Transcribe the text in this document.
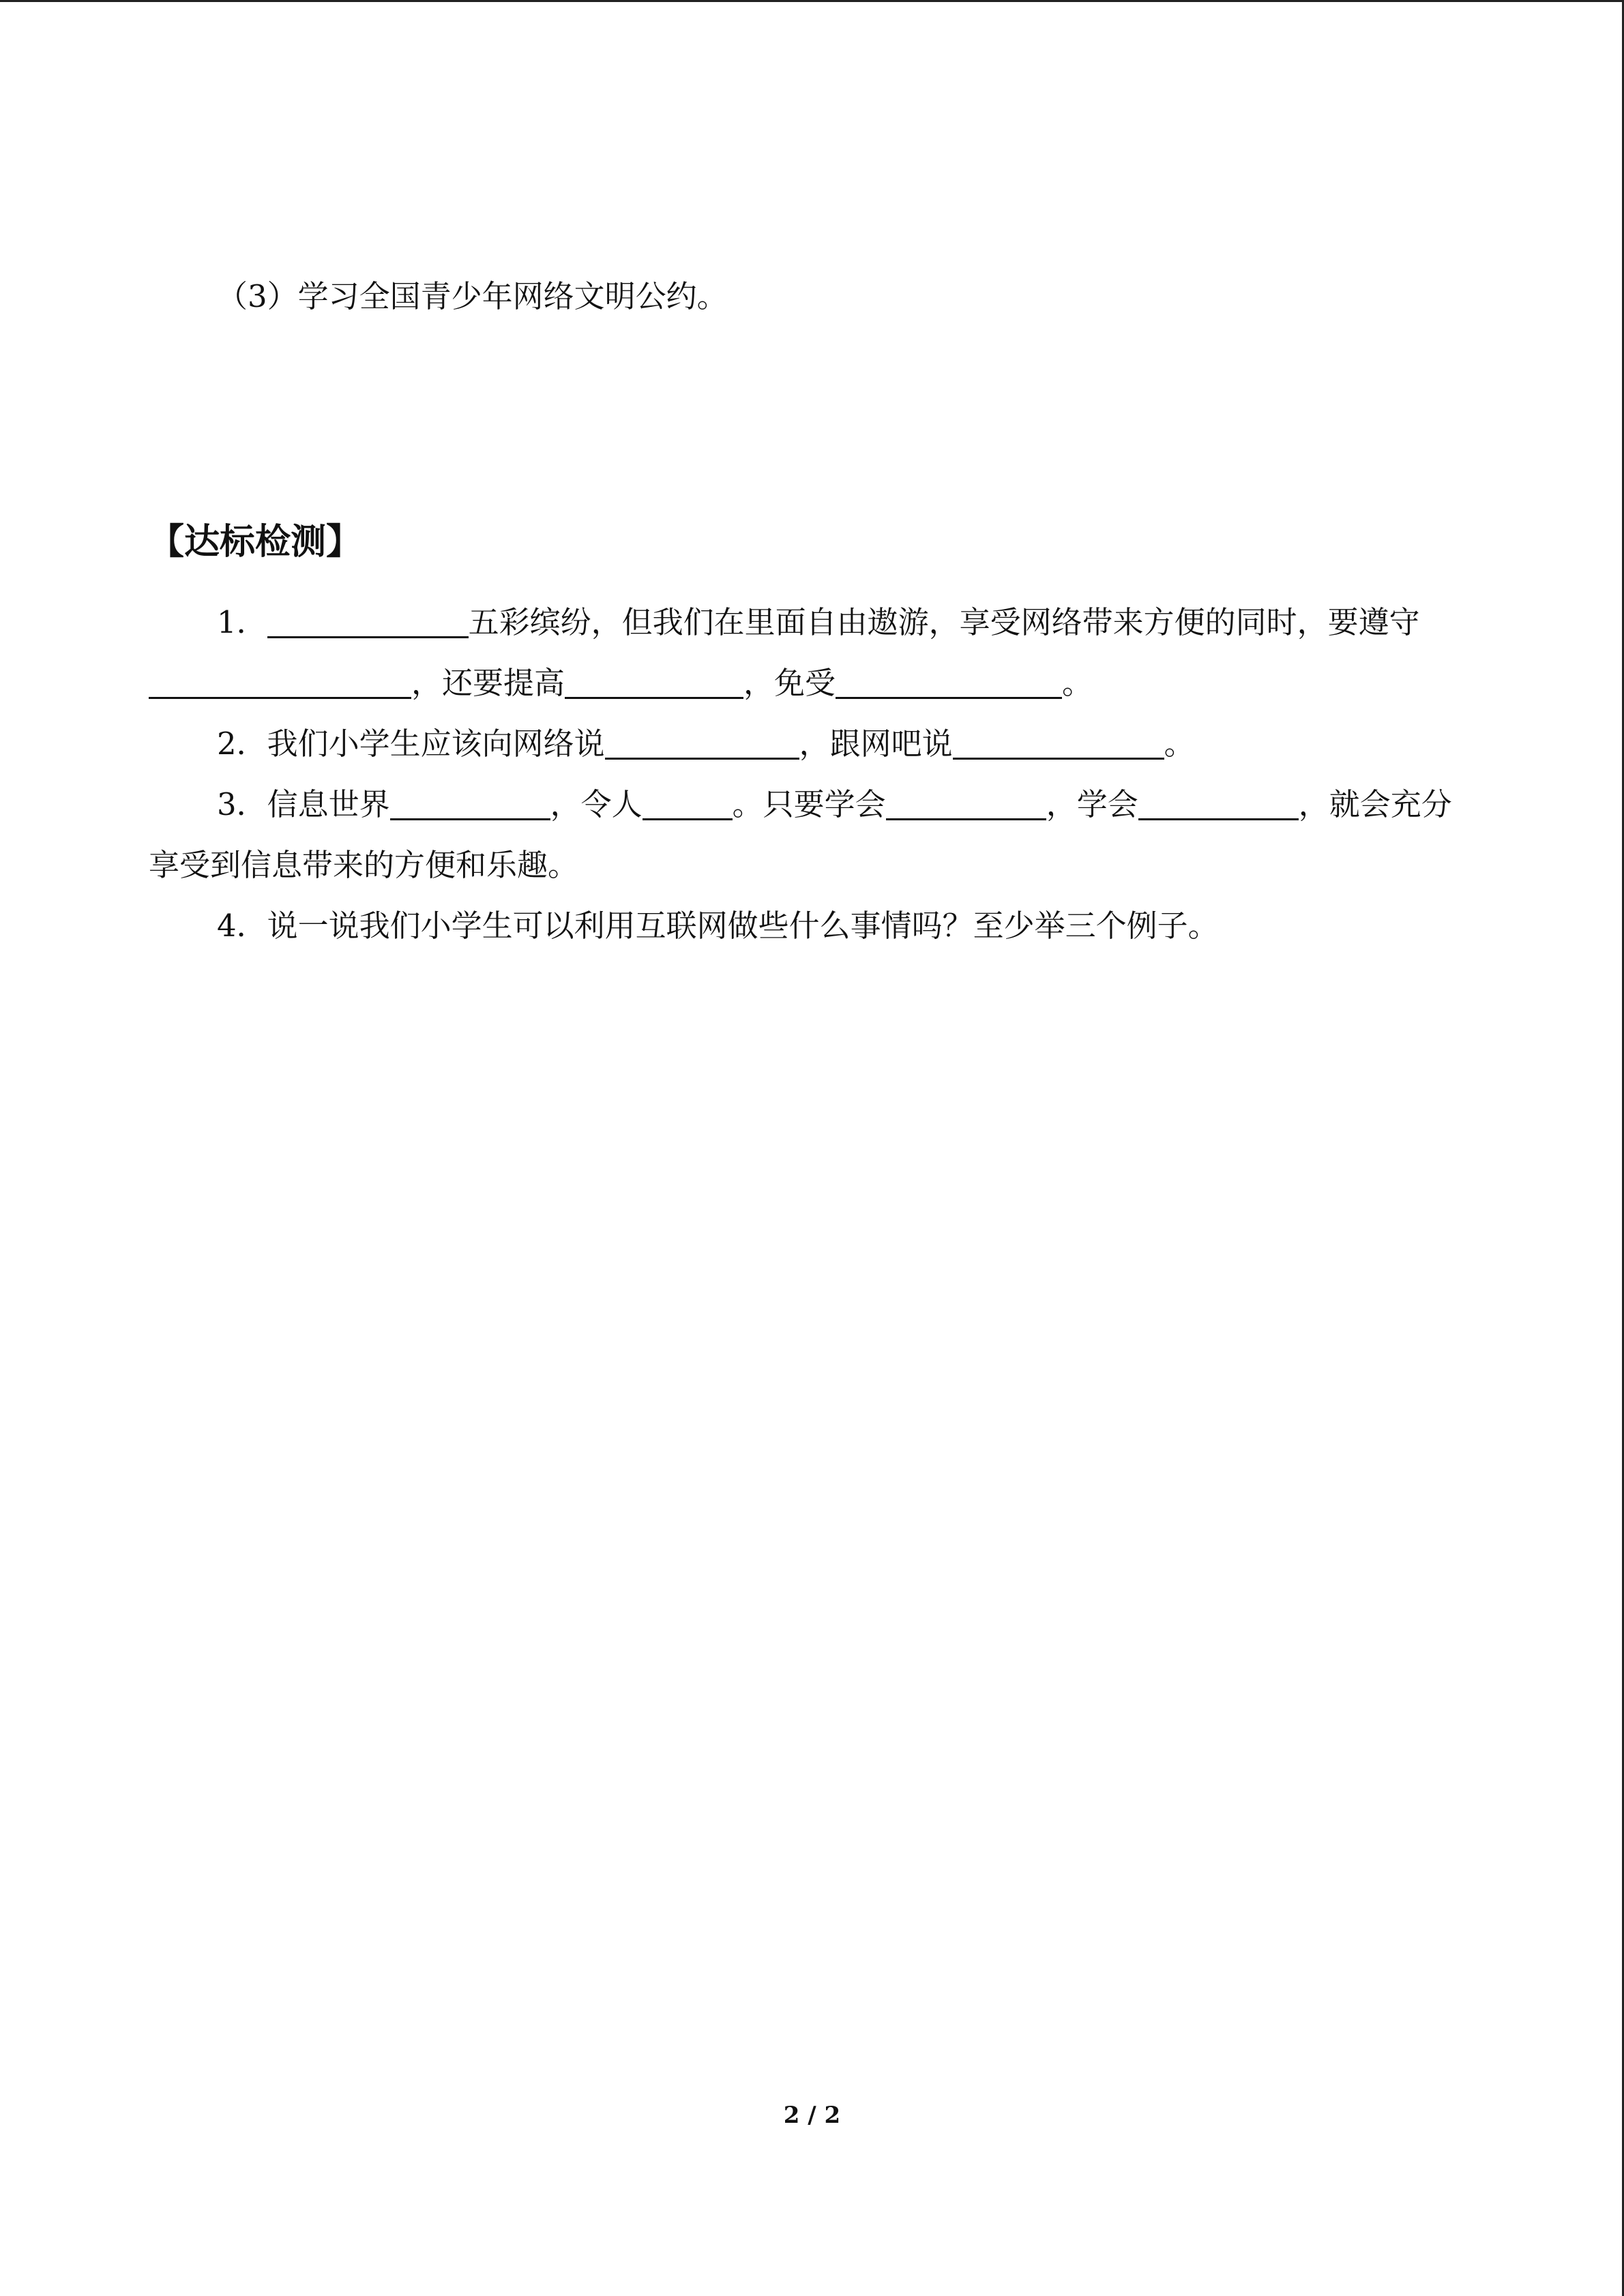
（3）学习全国青少年网络文明公约。

【达标检测】

1．	五彩缤纷，但我们在里面自由遨游，享受网络带来方便的同时，要遵守，还要提高	，免受	。

2．我们小学生应该向网络说	，跟网吧说	。

3．信息世界	，令人	。只要学会	，学会	，就会充分享受到信息带来的方便和乐趣。

4．说一说我们小学生可以利用互联网做些什么事情吗？至少举三个例子。

2 / 2
